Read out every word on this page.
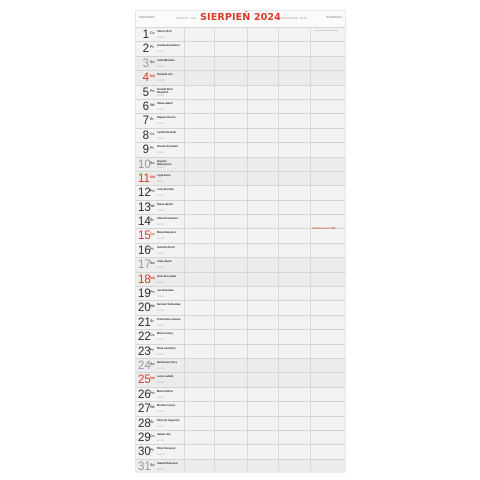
SIERPIEŃ	Lato 20:07 – 5:04 SIERPIEŃ 2024 Wschód 5:04 – 20:26	SIERPIEŃ
1 Cz Alfons Piotr
214/152
2 Pt Gustaw Euzebiusz
215/151
3 So Lidia Nikodem
216/150
4 Nd Dominik Jan
217/149
5 Pn Oswald Emil Wojciech
218/148
6 Wt Sława Jakub
219/147
7 Śr Kajetan Dorota
220/146
8 Cz Cyriak Dominik
221/145
9 Pt Roman Romuald
222/144
10 So Bogdan Wawrzyniec
223/143
11 Nd Ligia Klara
224/142
12 Pn Lech Euzebia
225/141
13 Wt Diana Hipolit
226/140
14 Śr Alfred Euzebiusz
227/139
15 Cz Maria Napoleon
228/138
16 Pt Joachim Roch
229/137
17 So Anita Jacek
230/136
18 Nd Ilona Bronisław
231/135
19 Pn Jan Bolesław
232/134
20 Wt Bernard Sobiesław
233/133
21 Śr Franciszka Joanna
234/132
22 Cz Maria Cezary
235/131
23 Pt Róża Apolinary
236/130
24 So Bartłomiej Jerzy
237/129
25 Nd Luiza Ludwik
238/128
26 Pn Maria Zefiryn
239/127
27 Wt Monika Cezary
240/126
28 Śr Patrycja Augustyn
241/125
29 Cz Sabina Jan
242/124
30 Pt Róża Szczęsny
243/123
31 So Izabela Rajmund
244/122
Święto Wojska Polskiego
Wniebowzięcie NMP
